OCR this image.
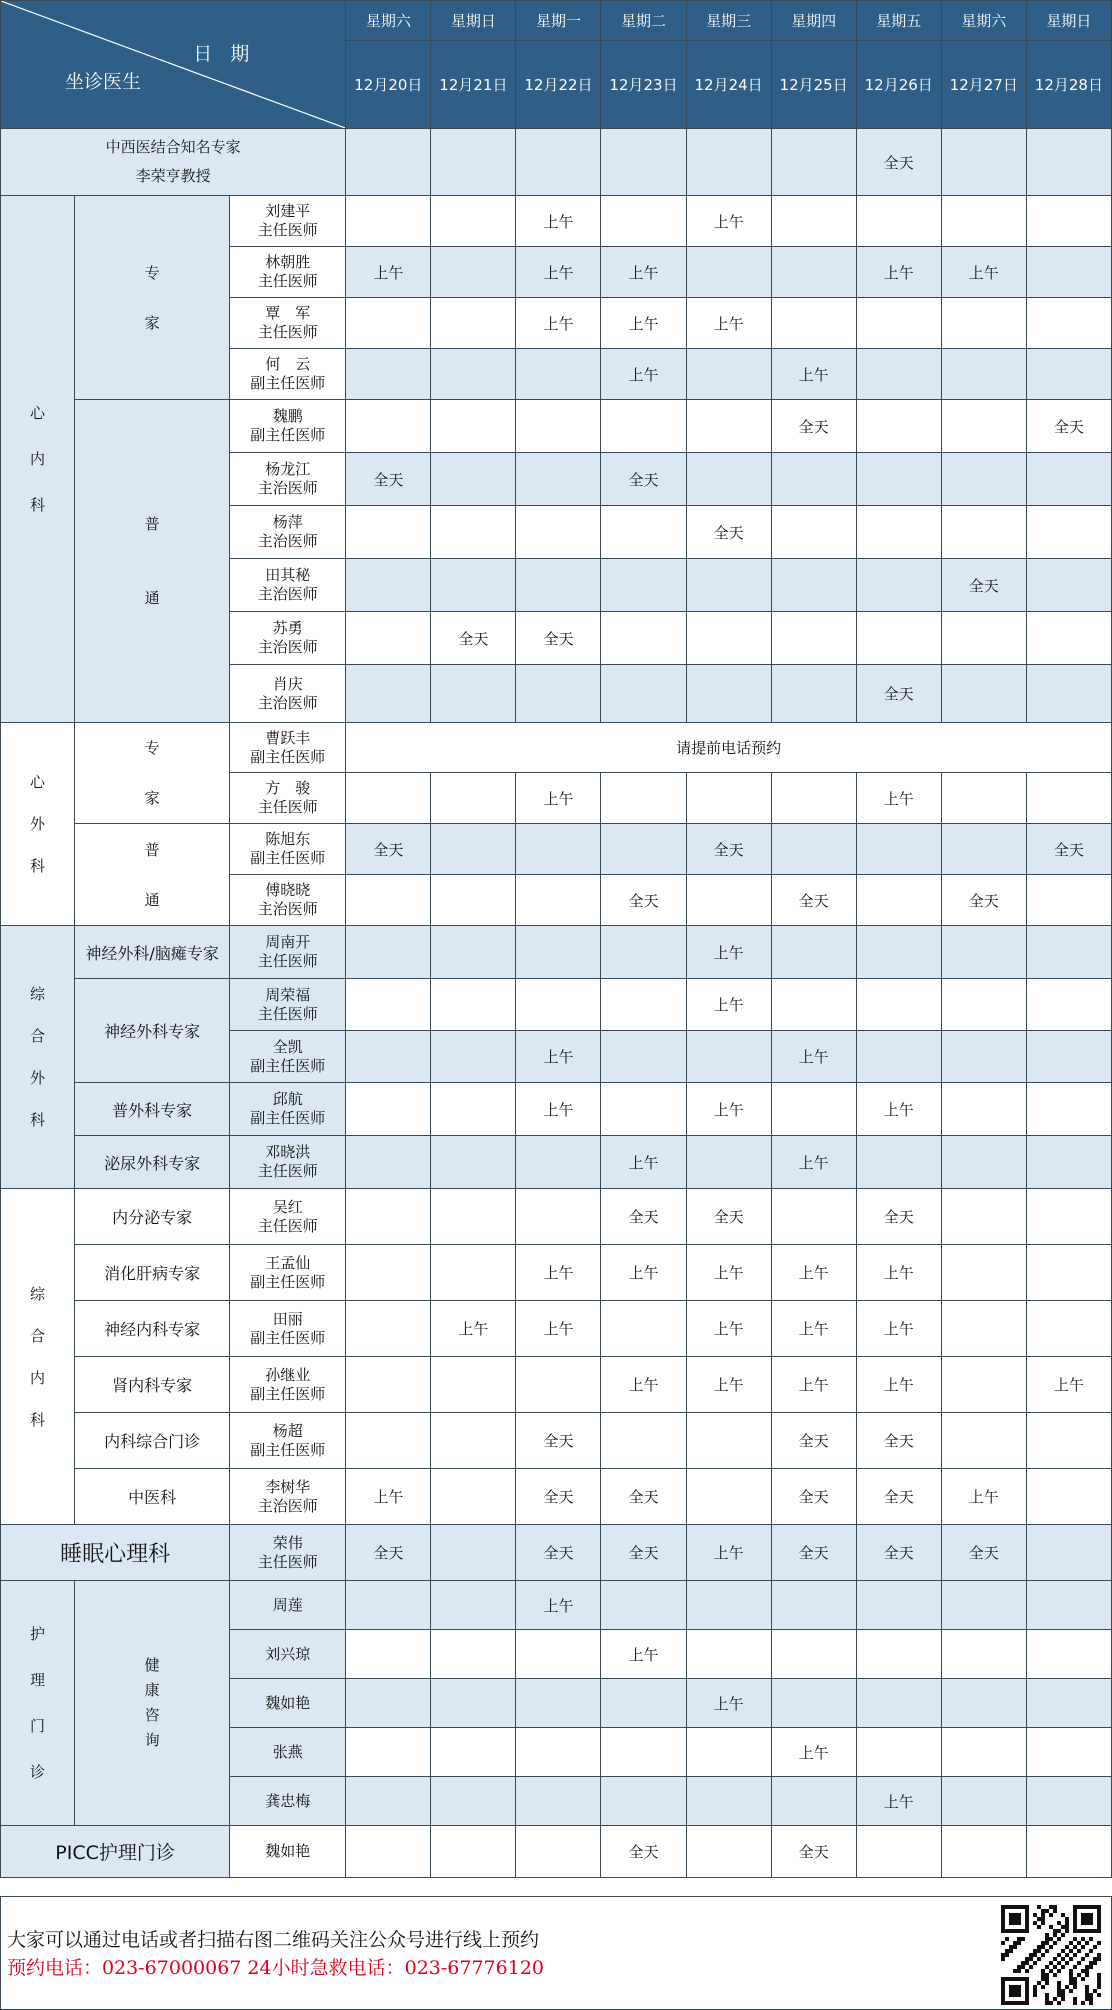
日 期
坐诊医生			星期六	星期日	星期一	星期二	星期三	星期四	星期五	星期六	星期日
			12月20日	12月21日	12月22日	12月23日	12月24日	12月25日	12月26日	12月27日	12月28日

中西医结合知名专家
李荣亨教授									全天		

心
内
科	专
家	刘建平
主任医师			上午		上午				

		林朝胜
主任医师	上午		上午	上午			上午	上午	

		覃　军
主任医师			上午	上午	上午				

		何　云
副主任医师				上午		上午			

	普
通	魏鹏
副主任医师						全天			全天

		杨龙江
主治医师	全天			全天					

		杨萍
主治医师					全天				

		田其秘
主治医师								全天	

		苏勇
主治医师		全天	全天						

		肖庆
主治医师							全天		

心
外
科	专
家	曹跃丰
副主任医师	请提前电话预约								

		方　骏
主任医师			上午				上午		

	普
通	陈旭东
副主任医师	全天				全天				全天

		傅晓晓
主治医师				全天		全天		全天	

综
合
外
科	神经外科/脑瘫专家	周南开
主任医师					上午				
	神经外科专家	周荣福
主任医师					上午				

		全凯
副主任医师			上午			上午			
	普外科专家	邱航
副主任医师			上午		上午		上午		
	泌尿外科专家	邓晓洪
主任医师				上午		上午			

综
合
内
科	内分泌专家	吴红
主任医师				全天	全天		全天		
	消化肝病专家	王孟仙
副主任医师			上午	上午	上午	上午	上午		
	神经内科专家	田丽
副主任医师		上午	上午		上午	上午	上午		
	肾内科专家	孙继业
副主任医师				上午	上午	上午	上午		上午
	内科综合门诊	杨超
副主任医师			全天			全天	全天		
	中医科	李树华
主治医师	上午		全天	全天		全天	全天	上午	
睡眠心理科		荣伟
主任医师	全天		全天	全天	上午	全天	全天	全天	

护
理
门
诊	健
康
咨
询	周莲			上午						
		刘兴琼				上午					
		魏如艳					上午				
		张燕						上午			
		龚忠梅							上午		
PICC护理门诊		魏如艳				全天		全天			
大家可以通过电话或者扫描右图二维码关注公众号进行线上预约
预约电话：023-67000067 24小时急救电话：023-67776120
